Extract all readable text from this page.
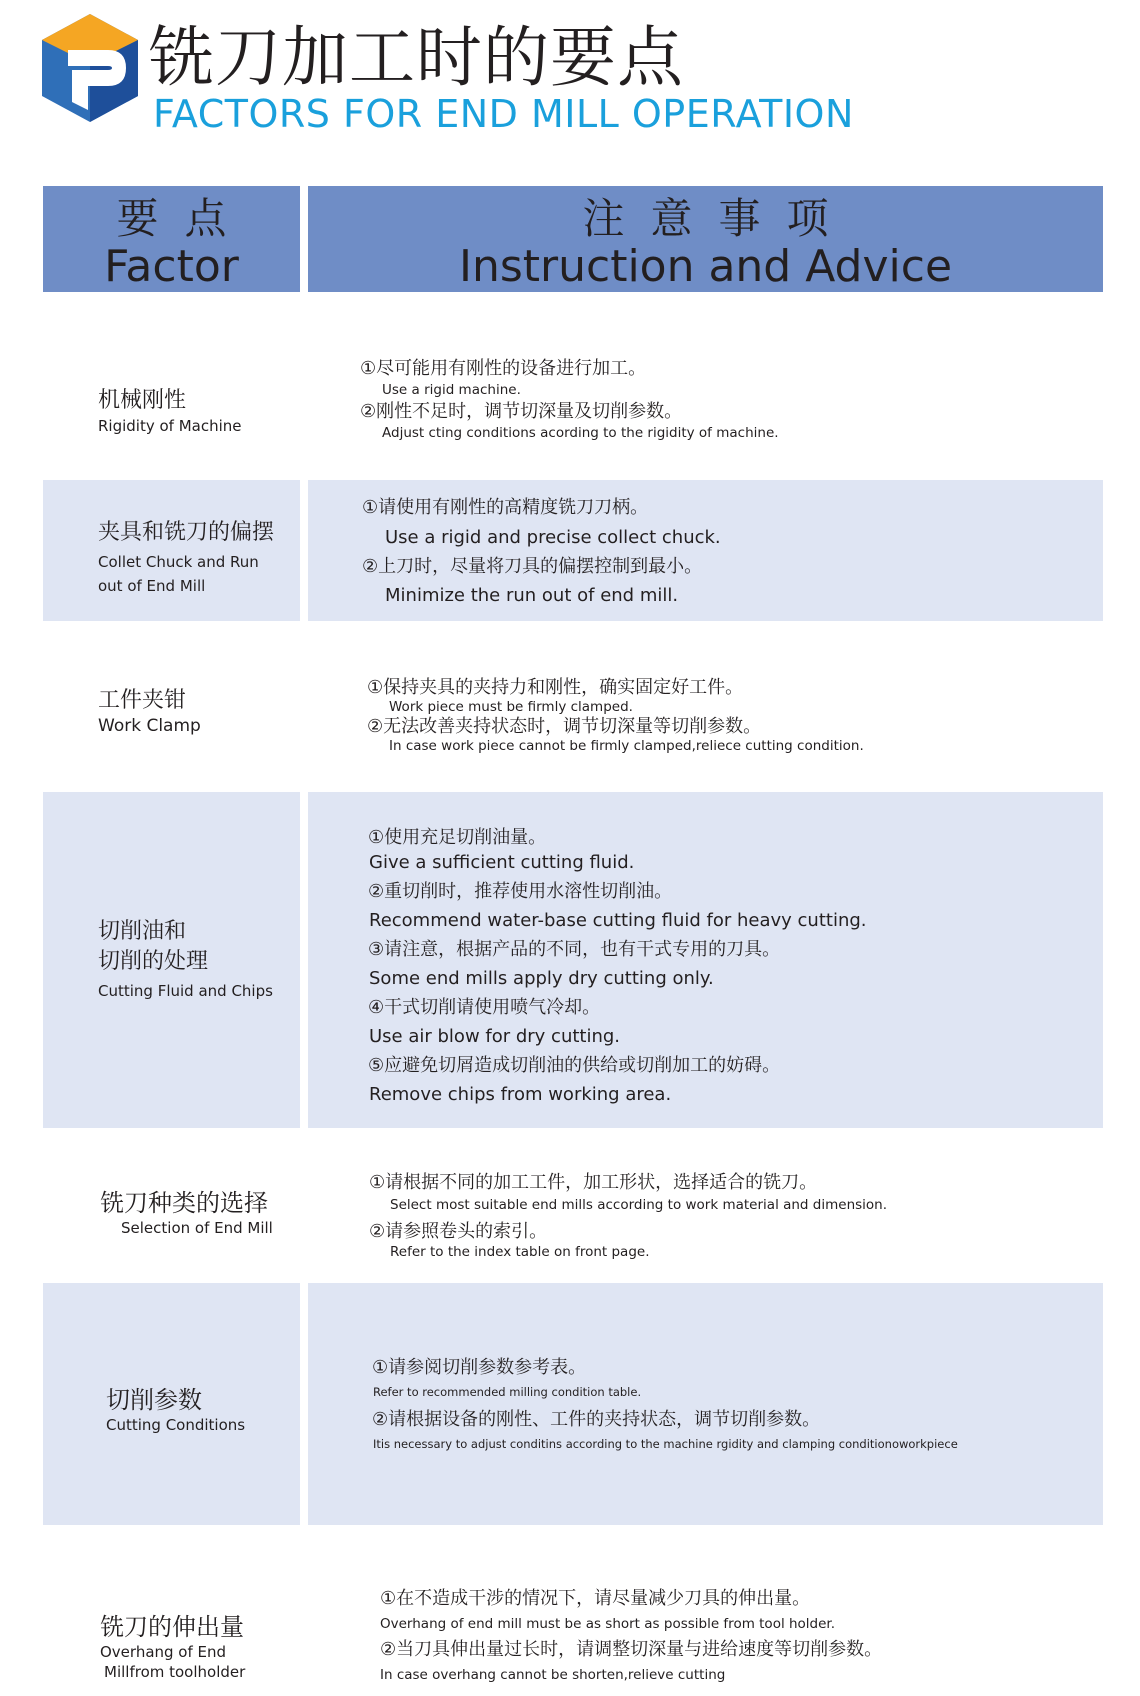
铣刀加工时的要点
FACTORS FOR END MILL OPERATION
要点
Factor
注意事项
Instruction and Advice
机械刚性
Rigidity of Machine
①尽可能用有刚性的设备进行加工。
Use a rigid machine.
②刚性不足时，调节切深量及切削参数。
Adjust cting conditions acording to the rigidity of machine.
夹具和铣刀的偏摆
Collet Chuck and Run
out of End Mill
①请使用有刚性的高精度铣刀刀柄。
Use a rigid and precise collect chuck.
②上刀时，尽量将刀具的偏摆控制到最小。
Minimize the run out of end mill.
工件夹钳
Work Clamp
①保持夹具的夹持力和刚性，确实固定好工件。
Work piece must be firmly clamped.
②无法改善夹持状态时，调节切深量等切削参数。
In case work piece cannot be firmly clamped,reliece cutting condition.
切削油和
切削的处理
Cutting Fluid and Chips
①使用充足切削油量。
Give a sufficient cutting fluid.
②重切削时，推荐使用水溶性切削油。
Recommend water-base cutting fluid for heavy cutting.
③请注意，根据产品的不同，也有干式专用的刀具。
Some end mills apply dry cutting only.
④干式切削请使用喷气冷却。
Use air blow for dry cutting.
⑤应避免切屑造成切削油的供给或切削加工的妨碍。
Remove chips from working area.
铣刀种类的选择
Selection of End Mill
①请根据不同的加工工件，加工形状，选择适合的铣刀。
Select most suitable end mills according to work material and dimension.
②请参照卷头的索引。
Refer to the index table on front page.
切削参数
Cutting Conditions
①请参阅切削参数参考表。
Refer to recommended milling condition table.
②请根据设备的刚性、工件的夹持状态，调节切削参数。
Itis necessary to adjust conditins according to the machine rgidity and clamping conditionoworkpiece
铣刀的伸出量
Overhang of End
Millfrom toolholder
①在不造成干涉的情况下，请尽量减少刀具的伸出量。
Overhang of end mill must be as short as possible from tool holder.
②当刀具伸出量过长时，请调整切深量与进给速度等切削参数。
In case overhang cannot be shorten,relieve cutting
